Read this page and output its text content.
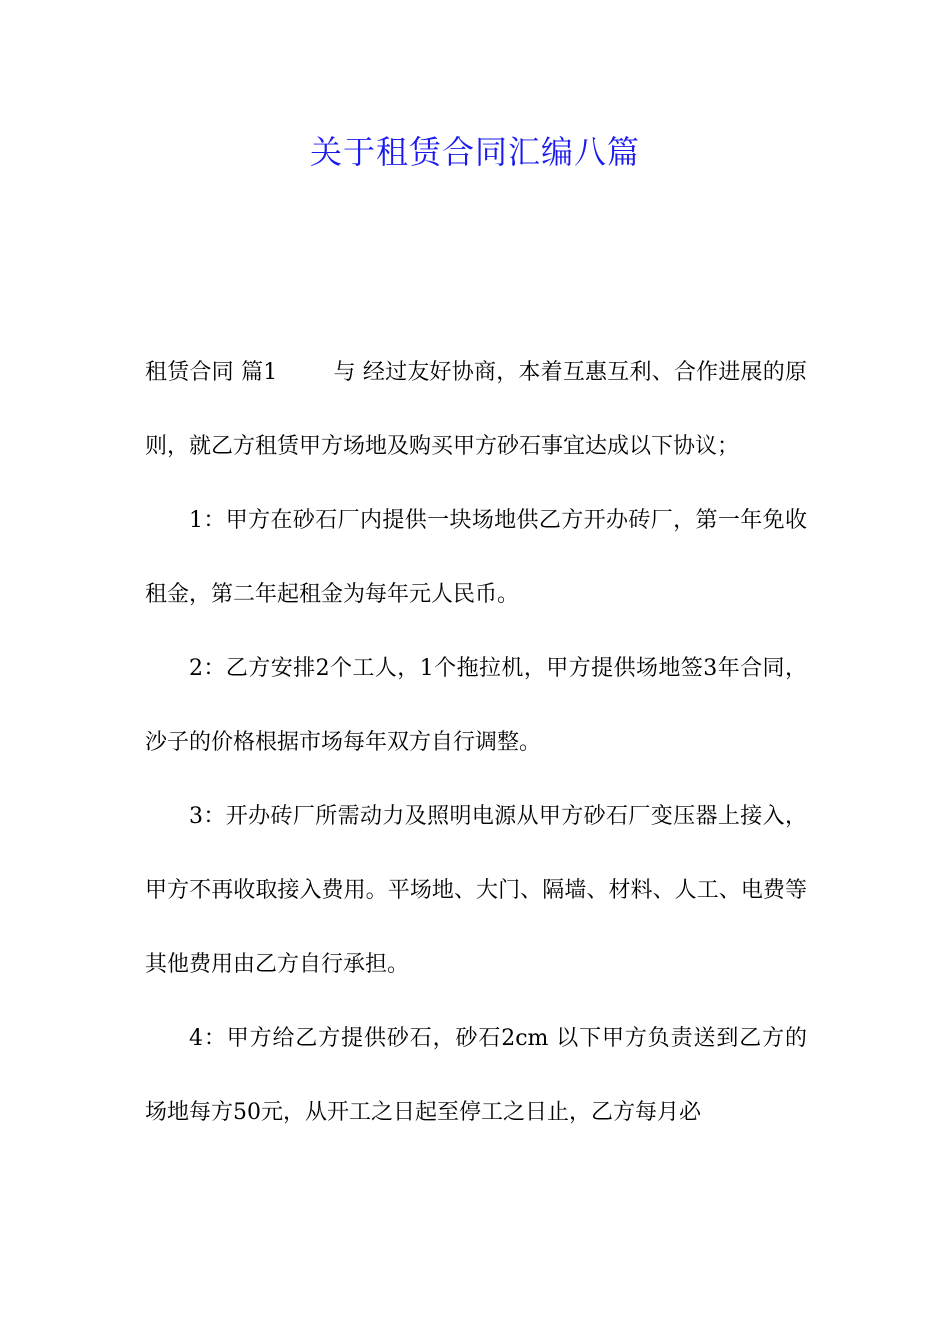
关于租赁合同汇编八篇

租赁合同 篇1	与 经过友好协商，本着互惠互利、合作进展的原则，就乙方租赁甲方场地及购买甲方砂石事宜达成以下协议；

1：甲方在砂石厂内提供一块场地供乙方开办砖厂，第一年免收租金，第二年起租金为每年元人民币。

2：乙方安排2个工人，1个拖拉机，甲方提供场地签3年合同，沙子的价格根据市场每年双方自行调整。

3：开办砖厂所需动力及照明电源从甲方砂石厂变压器上接入，甲方不再收取接入费用。平场地、大门、隔墙、材料、人工、电费等其他费用由乙方自行承担。

4：甲方给乙方提供砂石，砂石2cm 以下甲方负责送到乙方的场地每方50元，从开工之日起至停工之日止，乙方每月必
